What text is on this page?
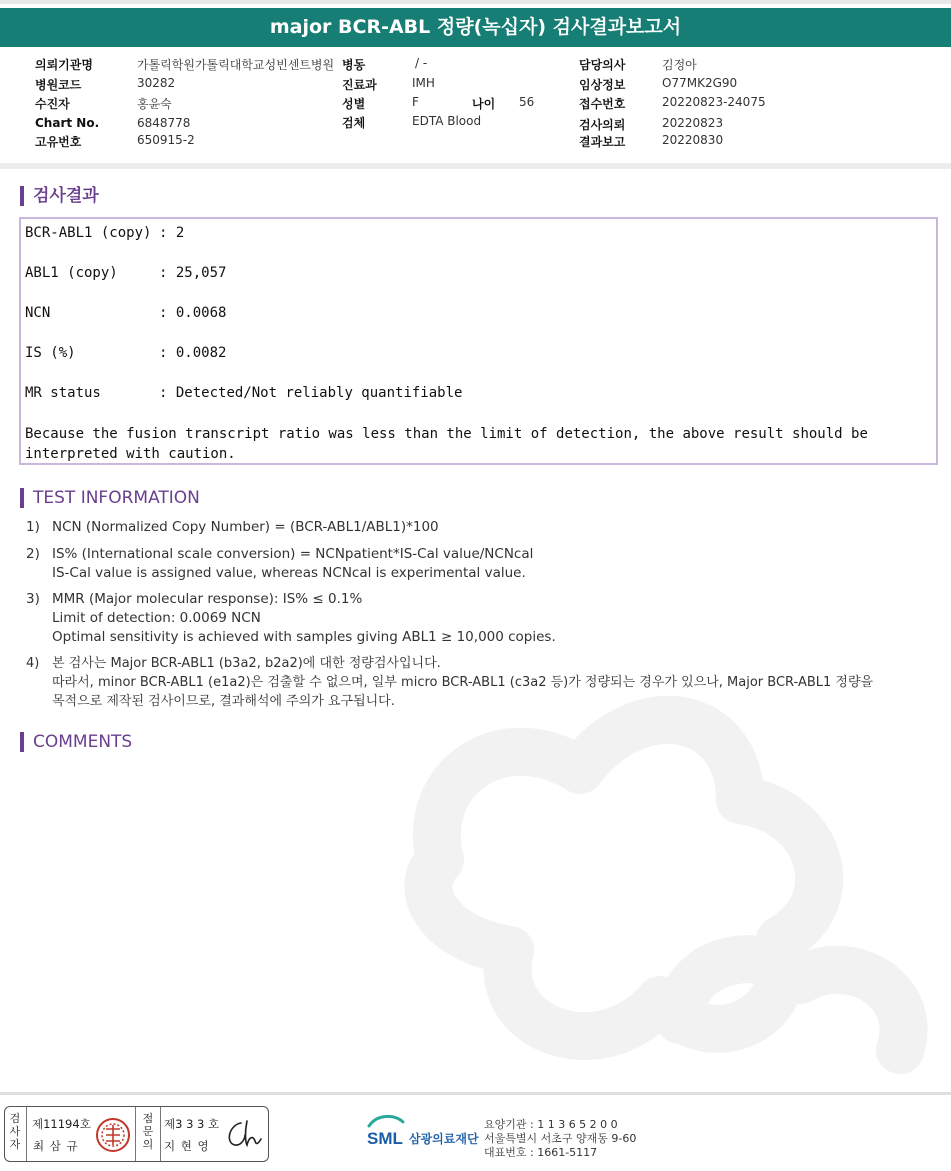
major BCR-ABL 정량(녹십자) 검사결과보고서
의뢰기관명	가톨릭학원가톨릭대학교성빈센트병원
병원코드	30282
수진자	홍윤숙
Chart No.	6848778
고유번호	650915-2
병동	/ -
진료과	IMH
성별	F	나이 56
검체	EDTA Blood
담당의사	김정아
임상정보	O77MK2G90
접수번호	20220823-24075
검사의뢰	20220823
결과보고	20220830
검사결과
BCR-ABL1 (copy) : 2
ABL1 (copy)	: 25,057
NCN	: 0.0068
IS (%)	: 0.0082
MR status	: Detected/Not reliably quantifiable
Because the fusion transcript ratio was less than the limit of detection, the above result should be interpreted with caution.
TEST INFORMATION
1) NCN (Normalized Copy Number) = (BCR-ABL1/ABL1)*100
2) IS% (International scale conversion) = NCNpatient*IS-Cal value/NCNcal
IS-Cal value is assigned value, whereas NCNcal is experimental value.
3) MMR (Major molecular response): IS% ≤ 0.1%
Limit of detection: 0.0069 NCN
Optimal sensitivity is achieved with samples giving ABL1 ≥ 10,000 copies.
4) 본 검사는 Major BCR-ABL1 (b3a2, b2a2)에 대한 정량검사입니다.
따라서, minor BCR-ABL1 (e1a2)은 검출할 수 없으며, 일부 micro BCR-ABL1 (c3a2 등)가 정량되는 경우가 있으나, Major BCR-ABL1 정량을
목적으로 제작된 검사이므로, 결과해석에 주의가 요구됩니다.
COMMENTS
검
사
자
제11194호
최 삼 규
점
문
의
제3 3 3 호
지 현 영	SML 삼광의료재단
요양기관 : 1 1 3 6 5 2 0 0
서울특별시 서초구 양재동 9-60
대표번호 : 1661-5117
